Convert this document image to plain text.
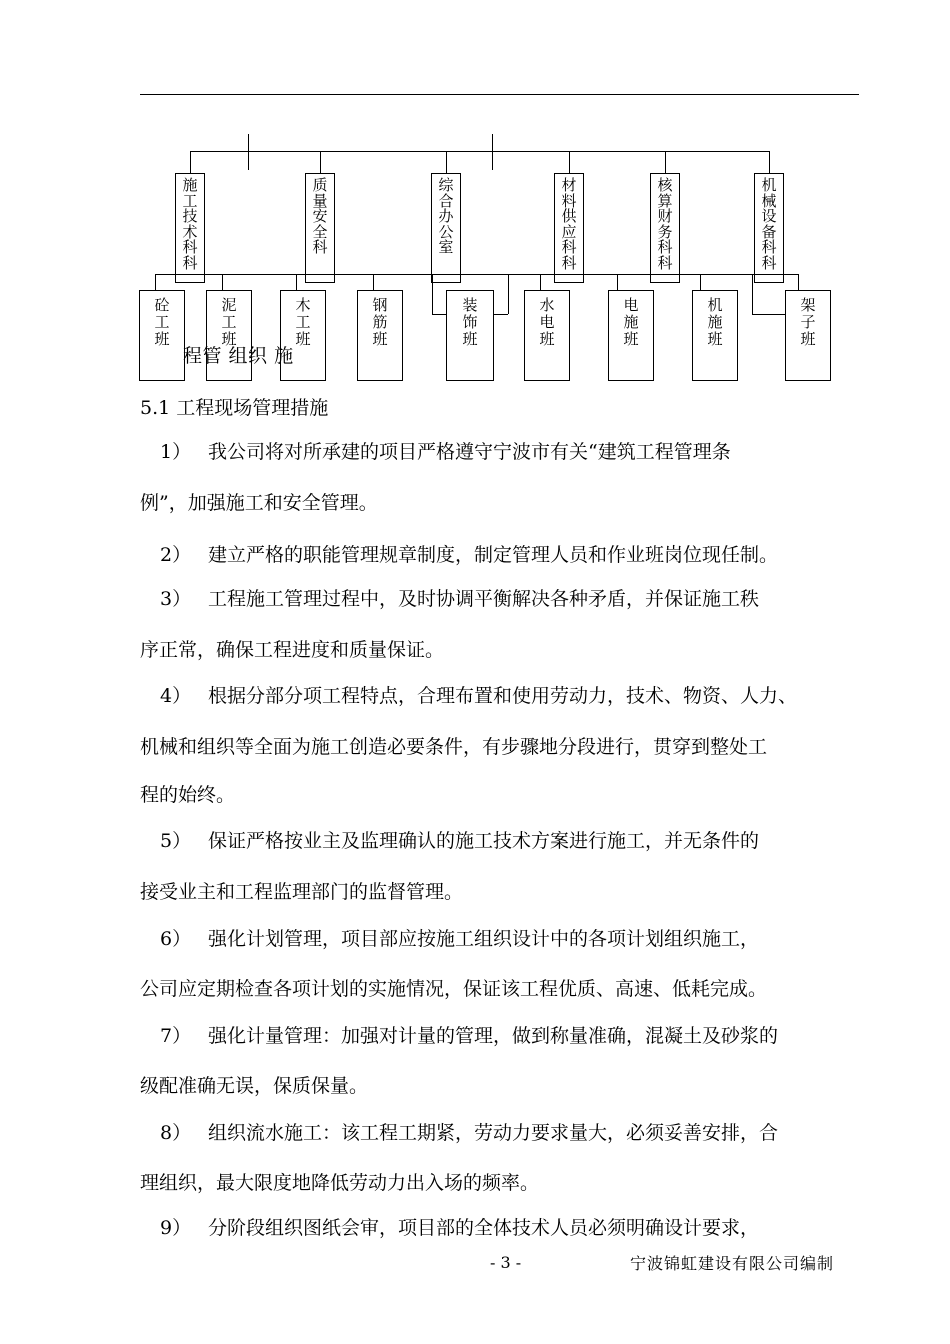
施工技术科科
质量安全科
综合办公室
材料供应科科
核算财务科科
机械设备科科
砼工班
泥工班
木工班
钢筋班
装饰班
水电班
电施班
机施班
架子班
程管 组织 施
5.1 工程现场管理措施
1） 我公司将对所承建的项目严格遵守宁波市有关“建筑工程管理条
例”，加强施工和安全管理。
2） 建立严格的职能管理规章制度，制定管理人员和作业班岗位现任制。
3） 工程施工管理过程中，及时协调平衡解决各种矛盾，并保证施工秩
序正常，确保工程进度和质量保证。
4） 根据分部分项工程特点，合理布置和使用劳动力，技术、物资、人力、
机械和组织等全面为施工创造必要条件，有步骤地分段进行，贯穿到整处工
程的始终。
5） 保证严格按业主及监理确认的施工技术方案进行施工，并无条件的
接受业主和工程监理部门的监督管理。
6） 强化计划管理，项目部应按施工组织设计中的各项计划组织施工，
公司应定期检查各项计划的实施情况，保证该工程优质、高速、低耗完成。
7） 强化计量管理：加强对计量的管理，做到称量准确，混凝土及砂浆的
级配准确无误，保质保量。
8） 组织流水施工：该工程工期紧，劳动力要求量大，必须妥善安排，合
理组织，最大限度地降低劳动力出入场的频率。
9） 分阶段组织图纸会审，项目部的全体技术人员必须明确设计要求，
- 3 -	宁波锦虹建设有限公司编制
